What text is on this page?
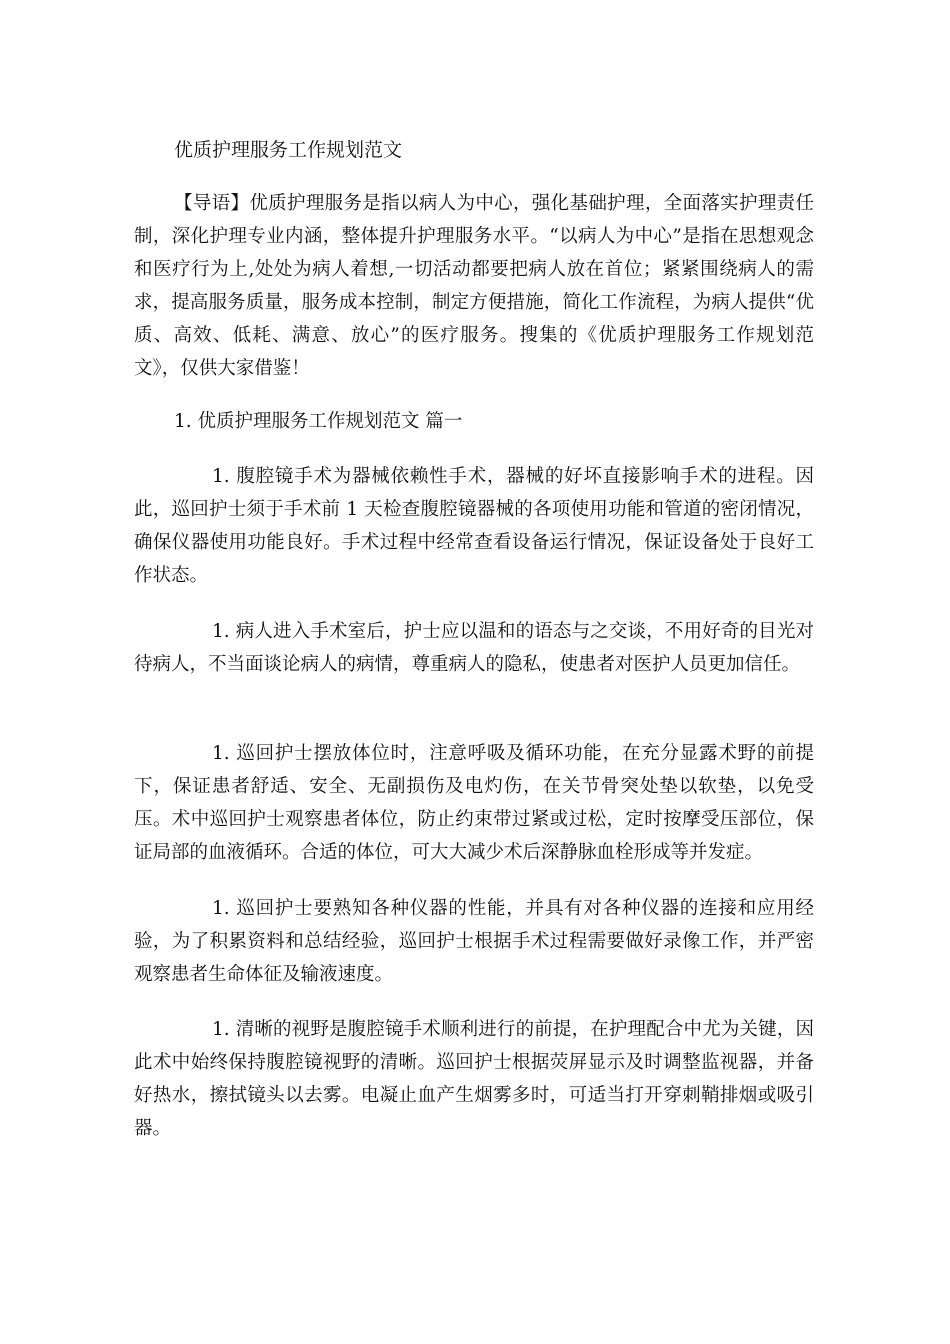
优质护理服务工作规划范文

【导语】优质护理服务是指以病人为中心，强化基础护理，全面落实护理责任制，深化护理专业内涵，整体提升护理服务水平。“以病人为中心”是指在思想观念和医疗行为上,处处为病人着想,一切活动都要把病人放在首位；紧紧围绕病人的需求，提高服务质量，服务成本控制，制定方便措施，简化工作流程，为病人提供“优质、高效、低耗、满意、放心”的医疗服务。搜集的《优质护理服务工作规划范文》，仅供大家借鉴！

1. 优质护理服务工作规划范文 篇一

1. 腹腔镜手术为器械依赖性手术，器械的好坏直接影响手术的进程。因此，巡回护士须于手术前 1 天检查腹腔镜器械的各项使用功能和管道的密闭情况，确保仪器使用功能良好。手术过程中经常查看设备运行情况，保证设备处于良好工作状态。

1. 病人进入手术室后，护士应以温和的语态与之交谈，不用好奇的目光对待病人，不当面谈论病人的病情，尊重病人的隐私，使患者对医护人员更加信任。

1. 巡回护士摆放体位时，注意呼吸及循环功能，在充分显露术野的前提下，保证患者舒适、安全、无副损伤及电灼伤，在关节骨突处垫以软垫，以免受压。术中巡回护士观察患者体位，防止约束带过紧或过松，定时按摩受压部位，保证局部的血液循环。合适的体位，可大大减少术后深静脉血栓形成等并发症。

1. 巡回护士要熟知各种仪器的性能，并具有对各种仪器的连接和应用经验，为了积累资料和总结经验，巡回护士根据手术过程需要做好录像工作，并严密观察患者生命体征及输液速度。

1. 清晰的视野是腹腔镜手术顺利进行的前提，在护理配合中尤为关键，因此术中始终保持腹腔镜视野的清晰。巡回护士根据荧屏显示及时调整监视器，并备好热水，擦拭镜头以去雾。电凝止血产生烟雾多时，可适当打开穿刺鞘排烟或吸引器。
